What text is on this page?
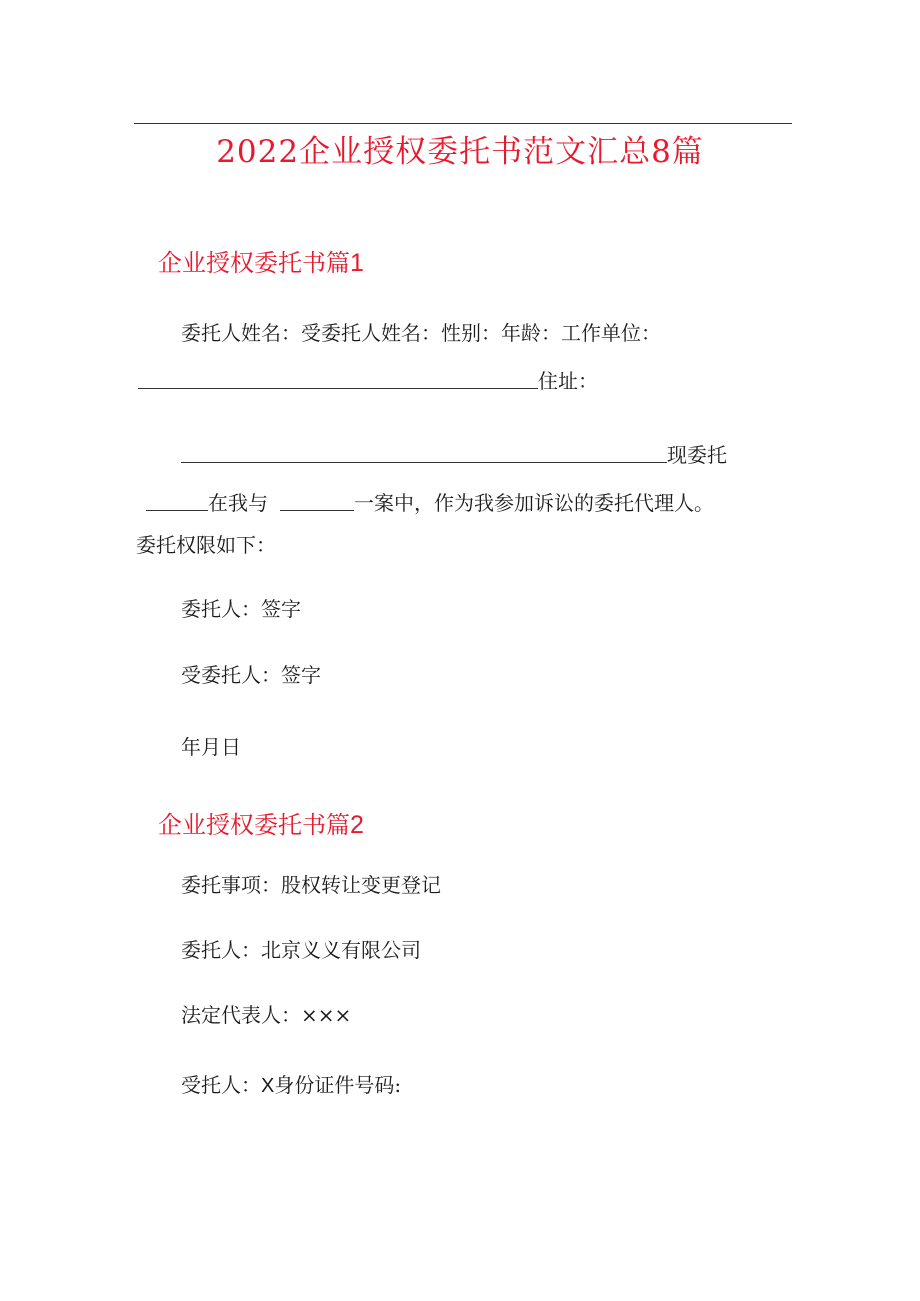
2022企业授权委托书范文汇总8篇
企业授权委托书篇1
委托人姓名：受委托人姓名：性别：年龄：工作单位：
住址：
现委托
在我与	一案中，作为我参加诉讼的委托代理人。
委托权限如下：
委托人：签字
受委托人：签字
年月日
企业授权委托书篇2
委托事项：股权转让变更登记
委托人：北京义义有限公司
法定代表人：×××
受托人：X身份证件号码:
